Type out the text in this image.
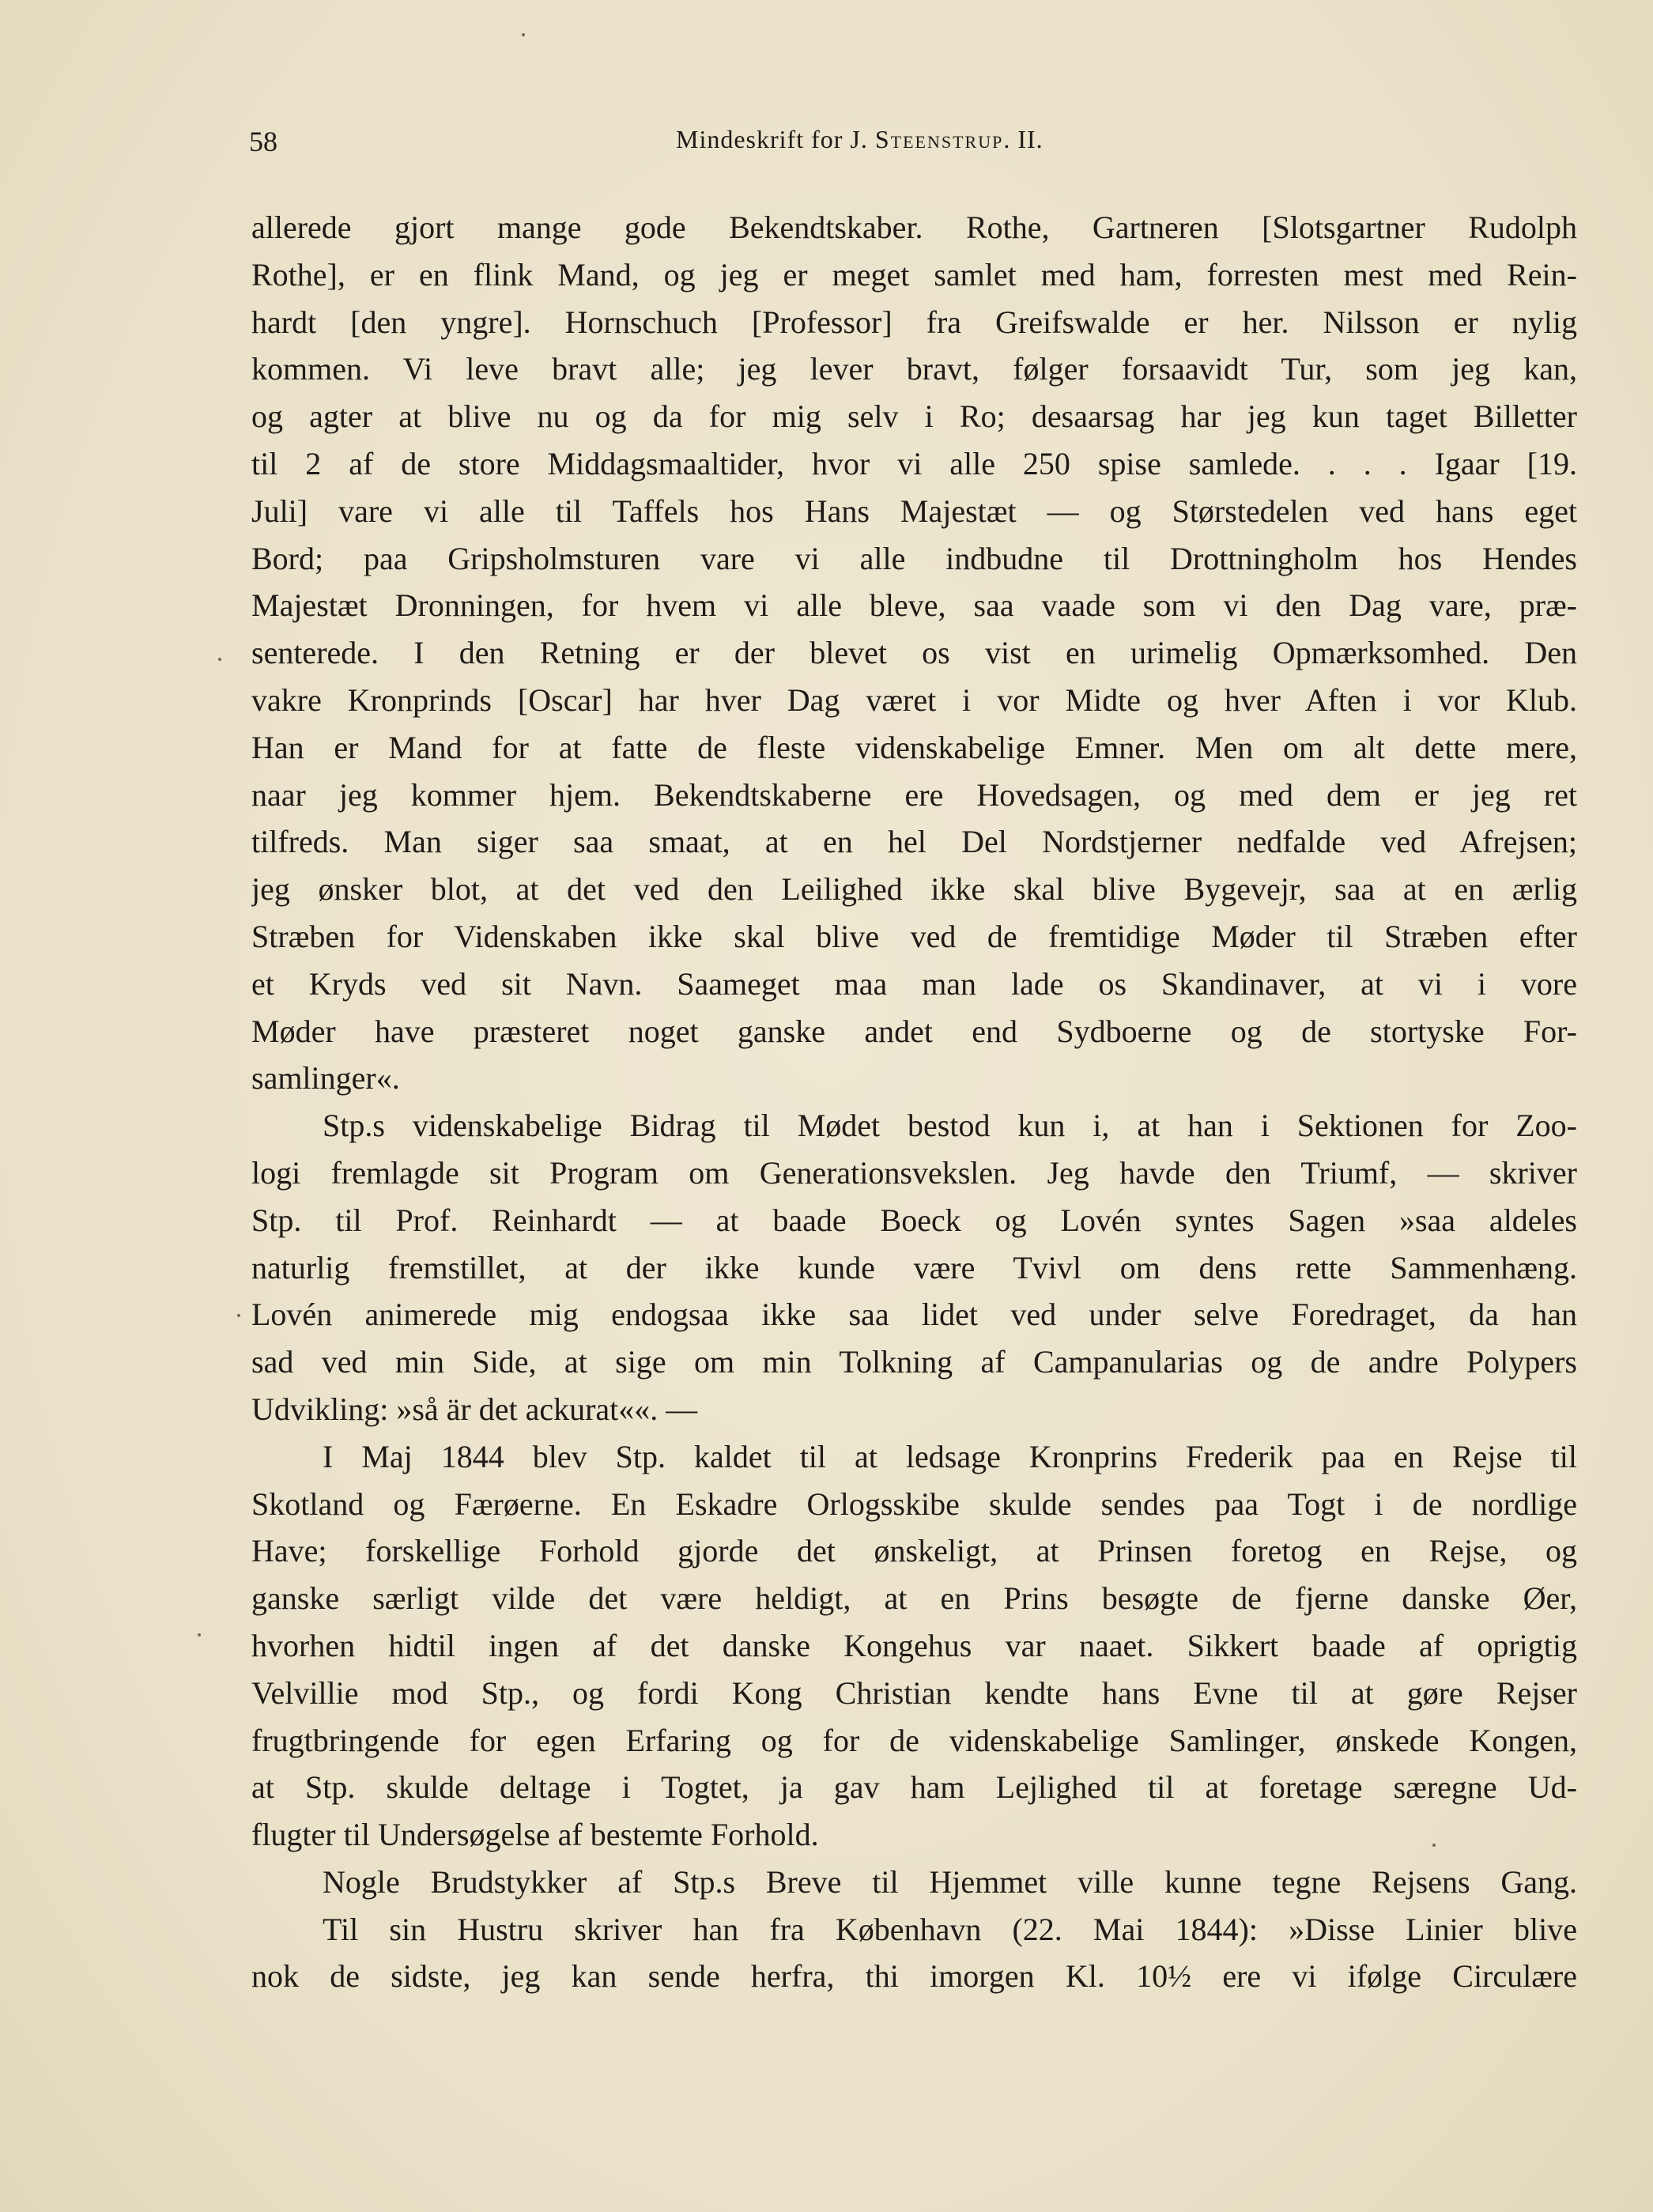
58	Mindeskrift for J. Steenstrup. II.
allerede gjort mange gode Bekendtskaber. Rothe, Gartneren [Slotsgartner Rudolph
Rothe], er en flink Mand, og jeg er meget samlet med ham, forresten mest med Rein-
hardt [den yngre]. Hornschuch [Professor] fra Greifswalde er her. Nilsson er nylig
kommen. Vi leve bravt alle; jeg lever bravt, følger forsaavidt Tur, som jeg kan,
og agter at blive nu og da for mig selv i Ro; desaarsag har jeg kun taget Billetter
til 2 af de store Middagsmaaltider, hvor vi alle 250 spise samlede. . . . Igaar [19.
Juli] vare vi alle til Taffels hos Hans Majestæt — og Størstedelen ved hans eget
Bord; paa Gripsholmsturen vare vi alle indbudne til Drottningholm hos Hendes
Majestæt Dronningen, for hvem vi alle bleve, saa vaade som vi den Dag vare, præ-
senterede. I den Retning er der blevet os vist en urimelig Opmærksomhed. Den
vakre Kronprinds [Oscar] har hver Dag været i vor Midte og hver Aften i vor Klub.
Han er Mand for at fatte de fleste videnskabelige Emner. Men om alt dette mere,
naar jeg kommer hjem. Bekendtskaberne ere Hovedsagen, og med dem er jeg ret
tilfreds. Man siger saa smaat, at en hel Del Nordstjerner nedfalde ved Afrejsen;
jeg ønsker blot, at det ved den Leilighed ikke skal blive Bygevejr, saa at en ærlig
Stræben for Videnskaben ikke skal blive ved de fremtidige Møder til Stræben efter
et Kryds ved sit Navn. Saameget maa man lade os Skandinaver, at vi i vore
Møder have præsteret noget ganske andet end Sydboerne og de stortyske For-
samlinger«.
Stp.s videnskabelige Bidrag til Mødet bestod kun i, at han i Sektionen for Zoo-
logi fremlagde sit Program om Generationsvekslen. Jeg havde den Triumf, — skriver
Stp. til Prof. Reinhardt — at baade Boeck og Lovén syntes Sagen »saa aldeles
naturlig fremstillet, at der ikke kunde være Tvivl om dens rette Sammenhæng.
Lovén animerede mig endogsaa ikke saa lidet ved under selve Foredraget, da han
sad ved min Side, at sige om min Tolkning af Campanularias og de andre Polypers
Udvikling: »så är det ackurat««. —
I Maj 1844 blev Stp. kaldet til at ledsage Kronprins Frederik paa en Rejse til
Skotland og Færøerne. En Eskadre Orlogsskibe skulde sendes paa Togt i de nordlige
Have; forskellige Forhold gjorde det ønskeligt, at Prinsen foretog en Rejse, og
ganske særligt vilde det være heldigt, at en Prins besøgte de fjerne danske Øer,
hvorhen hidtil ingen af det danske Kongehus var naaet. Sikkert baade af oprigtig
Velvillie mod Stp., og fordi Kong Christian kendte hans Evne til at gøre Rejser
frugtbringende for egen Erfaring og for de videnskabelige Samlinger, ønskede Kongen,
at Stp. skulde deltage i Togtet, ja gav ham Lejlighed til at foretage særegne Ud-
flugter til Undersøgelse af bestemte Forhold.
Nogle Brudstykker af Stp.s Breve til Hjemmet ville kunne tegne Rejsens Gang.
Til sin Hustru skriver han fra København (22. Mai 1844): »Disse Linier blive
nok de sidste, jeg kan sende herfra, thi imorgen Kl. 10½ ere vi ifølge Circulære
